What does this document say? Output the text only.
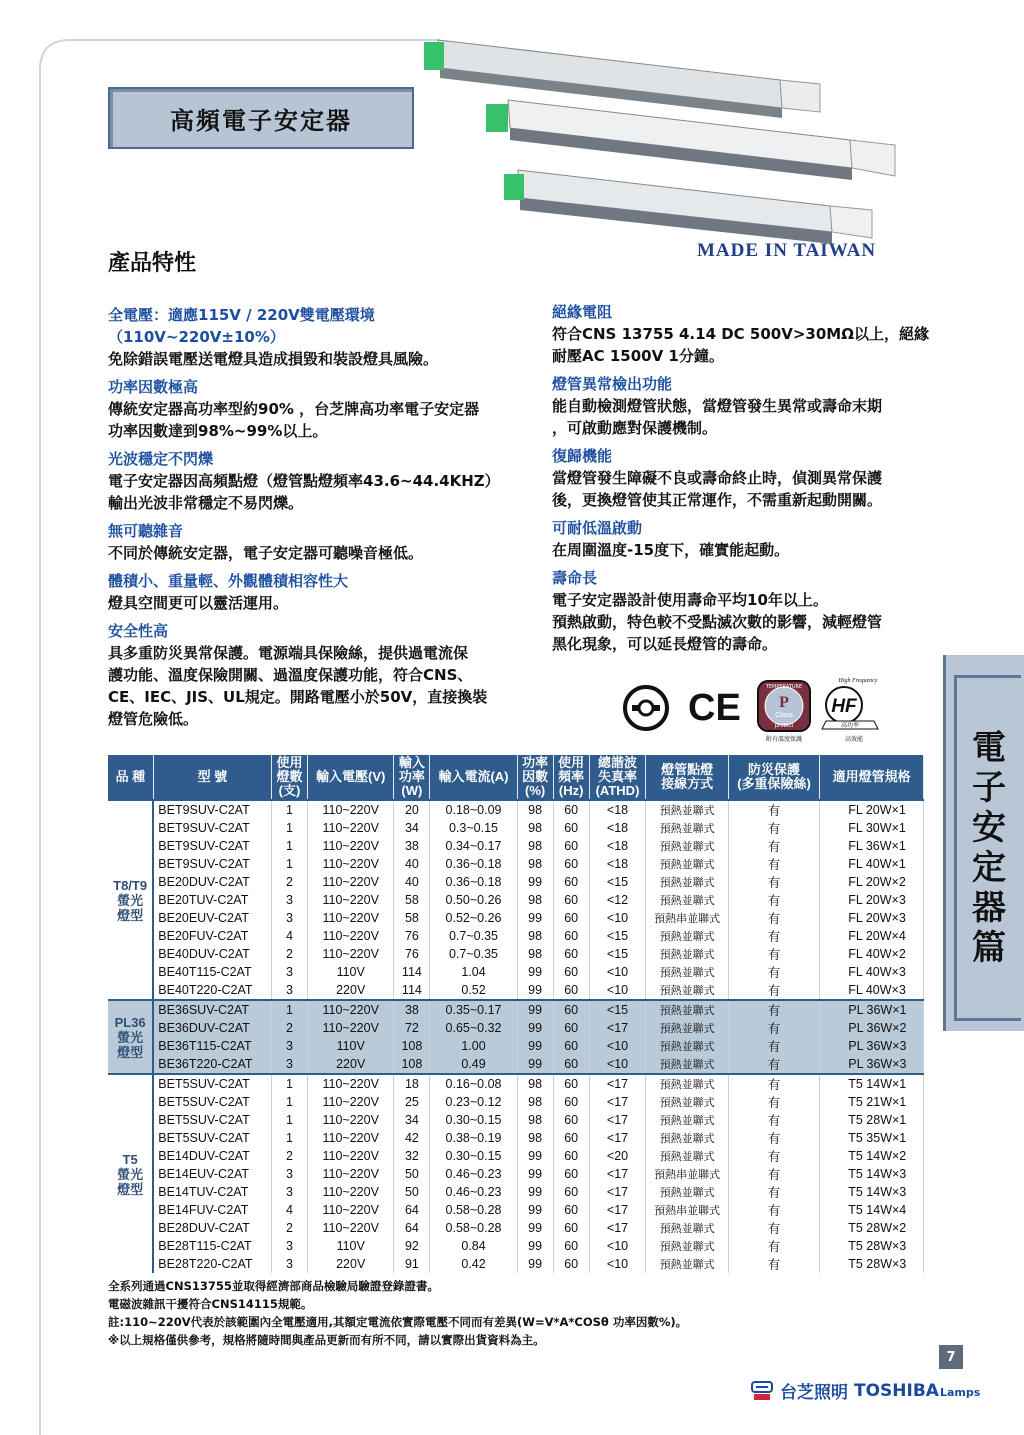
高頻電子安定器
MADE IN TAIWAN
產品特性
全電壓：適應115V / 220V雙電壓環境
（110V~220V±10%）
免除錯誤電壓送電燈具造成損毀和裝設燈具風險。
功率因數極高
傳統安定器高功率型約90% ，台芝牌高功率電子安定器
功率因數達到98%~99%以上。
光波穩定不閃爍
電子安定器因高頻點燈（燈管點燈頻率43.6~44.4KHZ）
輸出光波非常穩定不易閃爍。
無可聽雜音
不同於傳統安定器，電子安定器可聽噪音極低。
體積小、重量輕、外觀體積相容性大
燈具空間更可以靈活運用。
安全性高
具多重防災異常保護。電源端具保險絲，提供過電流保
護功能、溫度保險開關、過溫度保護功能，符合CNS、
CE、IEC、JIS、UL規定。開路電壓小於50V，直接換裝
燈管危險低。
絕緣電阻
符合CNS 13755 4.14 DC 500V>30MΩ以上，絕緣
耐壓AC 1500V 1分鐘。
燈管異常檢出功能
能自動檢測燈管狀態，當燈管發生異常或壽命末期
，可啟動應對保護機制。
復歸機能
當燈管發生障礙不良或壽命終止時，偵測異常保護
後，更換燈管使其正常運作，不需重新起動開關。
可耐低溫啟動
在周圍溫度-15度下，確實能起動。
壽命長
電子安定器設計使用壽命平均10年以上。
預熱啟動，特色較不受點滅次數的影響，減輕燈管
黑化現象，可以延長燈管的壽命。
CE	TEMPERATURE
P
Class
protect
附有溫度保護
High Frequency
HF
高功率
高效能	電
子
安
定
器
篇
品 種	型 號	使用
燈數
(支)	輸入電壓(V)	輸入
功率
(W)	輸入電流(A)	功率
因數
(%)	使用
頻率
(Hz)	總諧波
失真率
(ATHD)	燈管點燈
接線方式	防災保護
(多重保險絲)	適用燈管規格
T8/T9
螢光
燈型	BET9SUV-C2AT	1	110~220V	20	0.18~0.09	98	60	<18	預熱並聯式	有	FL 20W×1
	BET9SUV-C2AT	1	110~220V	34	0.3~0.15	98	60	<18	預熱並聯式	有	FL 30W×1
	BET9SUV-C2AT	1	110~220V	38	0.34~0.17	98	60	<18	預熱並聯式	有	FL 36W×1
	BET9SUV-C2AT	1	110~220V	40	0.36~0.18	98	60	<18	預熱並聯式	有	FL 40W×1
	BE20DUV-C2AT	2	110~220V	40	0.36~0.18	99	60	<15	預熱並聯式	有	FL 20W×2
	BE20TUV-C2AT	3	110~220V	58	0.50~0.26	98	60	<12	預熱並聯式	有	FL 20W×3
	BE20EUV-C2AT	3	110~220V	58	0.52~0.26	99	60	<10	預熱串並聯式	有	FL 20W×3
	BE20FUV-C2AT	4	110~220V	76	0.7~0.35	98	60	<15	預熱並聯式	有	FL 20W×4
	BE40DUV-C2AT	2	110~220V	76	0.7~0.35	98	60	<15	預熱並聯式	有	FL 40W×2
	BE40T115-C2AT	3	110V	114	1.04	99	60	<10	預熱並聯式	有	FL 40W×3
	BE40T220-C2AT	3	220V	114	0.52	99	60	<10	預熱並聯式	有	FL 40W×3
PL36
螢光
燈型	BE36SUV-C2AT	1	110~220V	38	0.35~0.17	99	60	<15	預熱並聯式	有	PL 36W×1
	BE36DUV-C2AT	2	110~220V	72	0.65~0.32	99	60	<17	預熱並聯式	有	PL 36W×2
	BE36T115-C2AT	3	110V	108	1.00	99	60	<10	預熱並聯式	有	PL 36W×3
	BE36T220-C2AT	3	220V	108	0.49	99	60	<10	預熱並聯式	有	PL 36W×3
T5
螢光
燈型	BET5SUV-C2AT	1	110~220V	18	0.16~0.08	98	60	<17	預熱並聯式	有	T5 14W×1
	BET5SUV-C2AT	1	110~220V	25	0.23~0.12	98	60	<17	預熱並聯式	有	T5 21W×1
	BET5SUV-C2AT	1	110~220V	34	0.30~0.15	98	60	<17	預熱並聯式	有	T5 28W×1
	BET5SUV-C2AT	1	110~220V	42	0.38~0.19	98	60	<17	預熱並聯式	有	T5 35W×1
	BE14DUV-C2AT	2	110~220V	32	0.30~0.15	99	60	<20	預熱並聯式	有	T5 14W×2
	BE14EUV-C2AT	3	110~220V	50	0.46~0.23	99	60	<17	預熱串並聯式	有	T5 14W×3
	BE14TUV-C2AT	3	110~220V	50	0.46~0.23	99	60	<17	預熱並聯式	有	T5 14W×3
	BE14FUV-C2AT	4	110~220V	64	0.58~0.28	99	60	<17	預熱串並聯式	有	T5 14W×4
	BE28DUV-C2AT	2	110~220V	64	0.58~0.28	99	60	<17	預熱並聯式	有	T5 28W×2
	BE28T115-C2AT	3	110V	92	0.84	99	60	<10	預熱並聯式	有	T5 28W×3
	BE28T220-C2AT	3	220V	91	0.42	99	60	<10	預熱並聯式	有	T5 28W×3
全系列通過CNS13755並取得經濟部商品檢驗局驗證登錄證書。
電磁波雜訊干擾符合CNS14115規範。
註:110~220V代表於該範圍內全電壓適用,其額定電流依實際電壓不同而有差異(W=V*A*COSθ 功率因數%)。
※以上規格僅供參考，規格將隨時間與產品更新而有所不同，請以實際出貨資料為主。
7
台芝照明 TOSHIBA Lamps
